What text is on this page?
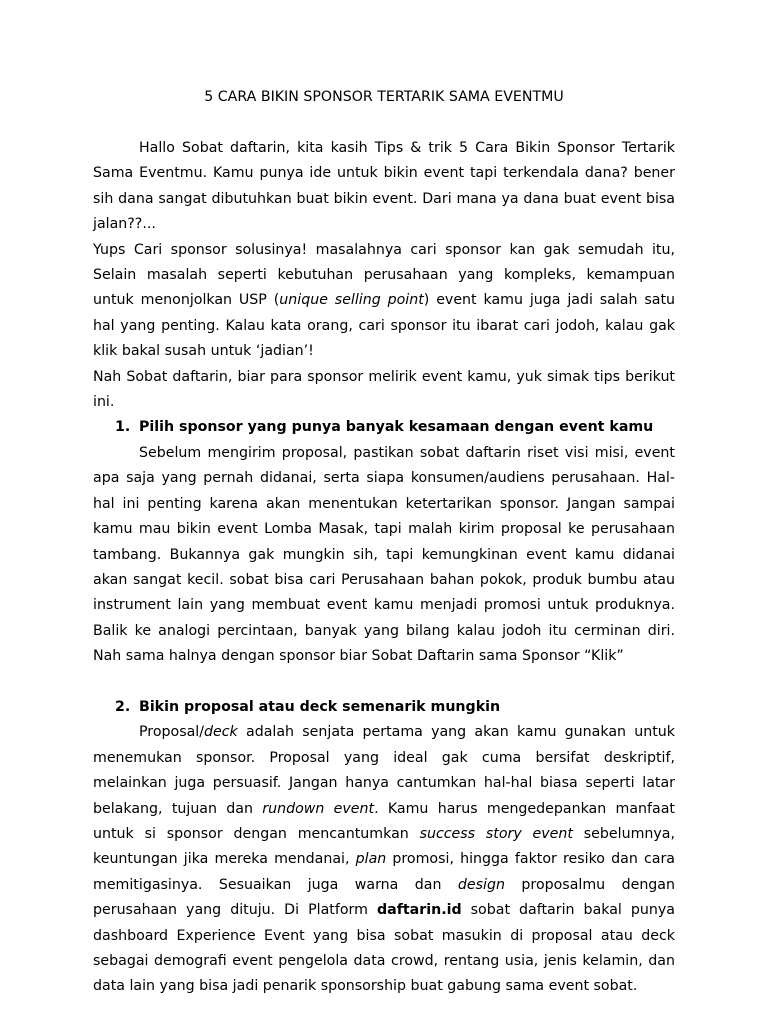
5 CARA BIKIN SPONSOR TERTARIK SAMA EVENTMU

Hallo Sobat daftarin, kita kasih Tips & trik 5 Cara Bikin Sponsor Tertarik Sama Eventmu. Kamu punya ide untuk bikin event tapi terkendala dana? bener sih dana sangat dibutuhkan buat bikin event. Dari mana ya dana buat event bisa jalan??...

Yups Cari sponsor solusinya! masalahnya cari sponsor kan gak semudah itu, Selain masalah seperti kebutuhan perusahaan yang kompleks, kemampuan untuk menonjolkan USP (unique selling point) event kamu juga jadi salah satu hal yang penting. Kalau kata orang, cari sponsor itu ibarat cari jodoh, kalau gak klik bakal susah untuk ‘jadian’!

Nah Sobat daftarin, biar para sponsor melirik event kamu, yuk simak tips berikut ini.

1. Pilih sponsor yang punya banyak kesamaan dengan event kamu

Sebelum mengirim proposal, pastikan sobat daftarin riset visi misi, event apa saja yang pernah didanai, serta siapa konsumen/audiens perusahaan. Hal-hal ini penting karena akan menentukan ketertarikan sponsor. Jangan sampai kamu mau bikin event Lomba Masak, tapi malah kirim proposal ke perusahaan tambang. Bukannya gak mungkin sih, tapi kemungkinan event kamu didanai akan sangat kecil. sobat bisa cari Perusahaan bahan pokok, produk bumbu atau instrument lain yang membuat event kamu menjadi promosi untuk produknya. Balik ke analogi percintaan, banyak yang bilang kalau jodoh itu cerminan diri. Nah sama halnya dengan sponsor biar Sobat Daftarin sama Sponsor “Klik”

2. Bikin proposal atau deck semenarik mungkin

Proposal/deck adalah senjata pertama yang akan kamu gunakan untuk menemukan sponsor. Proposal yang ideal gak cuma bersifat deskriptif, melainkan juga persuasif. Jangan hanya cantumkan hal-hal biasa seperti latar belakang, tujuan dan rundown event. Kamu harus mengedepankan manfaat untuk si sponsor dengan mencantumkan success story event sebelumnya, keuntungan jika mereka mendanai, plan promosi, hingga faktor resiko dan cara memitigasinya. Sesuaikan juga warna dan design proposalmu dengan perusahaan yang dituju. Di Platform daftarin.id sobat daftarin bakal punya dashboard Experience Event yang bisa sobat masukin di proposal atau deck sebagai demografi event pengelola data crowd, rentang usia, jenis kelamin, dan data lain yang bisa jadi penarik sponsorship buat gabung sama event sobat.
